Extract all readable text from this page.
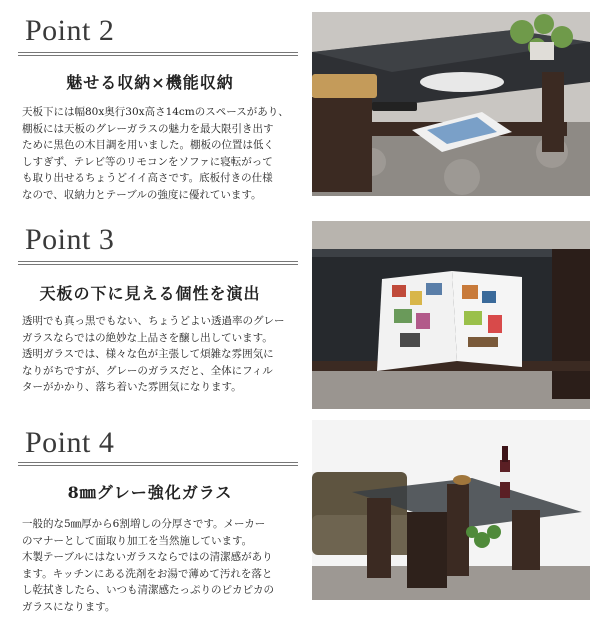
Point 2
魅せる収納×機能収納

天板下には幅80x奥行30x高さ14cmのスペースがあり、
棚板には天板のグレーガラスの魅力を最大限引き出す
ために黒色の木目調を用いました。棚板の位置は低く
しすぎず、テレビ等のリモコンをソファに寝転がって
も取り出せるちょうどイイ高さです。底板付きの仕様
なので、収納力とテーブルの強度に優れています。

Point 3
天板の下に見える個性を演出

透明でも真っ黒でもない、ちょうどよい透過率のグレー
ガラスならではの絶妙な上品さを醸し出しています。
透明ガラスでは、様々な色が主張して煩雑な雰囲気に
なりがちですが、グレーのガラスだと、全体にフィル
ターがかかり、落ち着いた雰囲気になります。

Point 4
8㎜グレー強化ガラス

一般的な5㎜厚から6割増しの分厚さです。メーカー
のマナーとして面取り加工を当然施しています。
木製テーブルにはないガラスならではの清潔感があり
ます。キッチンにある洗剤をお湯で薄めて汚れを落と
し乾拭きしたら、いつも清潔感たっぷりのピカピカの
ガラスになります。
